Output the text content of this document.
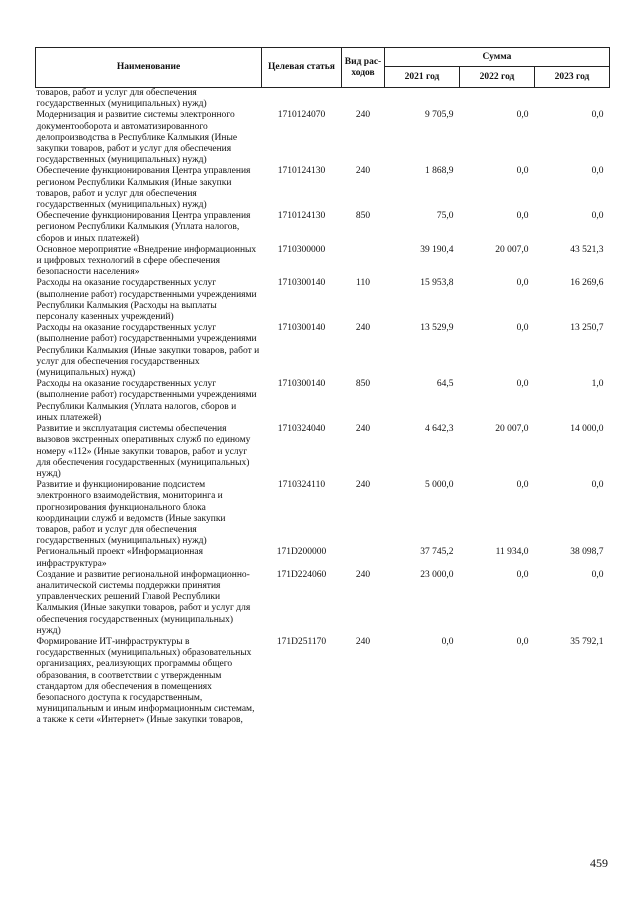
Наименование	Целевая статья	Вид рас-ходов	Сумма		
			2021 год	2022 год	2023 год
товаров, работ и услуг для обеспечения государственных (муниципальных) нужд)					
Модернизация и развитие системы электронного документооборота и автоматизированного делопроизводства в Республике Калмыкия (Иные закупки товаров, работ и услуг для обеспечения государственных (муниципальных) нужд)	1710124070	240	9 705,9	0,0	0,0
Обеспечение функционирования Центра управления регионом Республики Калмыкия (Иные закупки товаров, работ и услуг для обеспечения государственных (муниципальных) нужд)	1710124130	240	1 868,9	0,0	0,0
Обеспечение функционирования Центра управления регионом Республики Калмыкия (Уплата налогов, сборов и иных платежей)	1710124130	850	75,0	0,0	0,0
Основное мероприятие «Внедрение информационных и цифровых технологий в сфере обеспечения безопасности населения»	1710300000		39 190,4	20 007,0	43 521,3
Расходы на оказание государственных услуг (выполнение работ) государственными учреждениями Республики Калмыкия (Расходы на выплаты персоналу казенных учреждений)	1710300140	110	15 953,8	0,0	16 269,6
Расходы на оказание государственных услуг (выполнение работ) государственными учреждениями Республики Калмыкия (Иные закупки товаров, работ и услуг для обеспечения государственных (муниципальных) нужд)	1710300140	240	13 529,9	0,0	13 250,7
Расходы на оказание государственных услуг (выполнение работ) государственными учреждениями Республики Калмыкия (Уплата налогов, сборов и иных платежей)	1710300140	850	64,5	0,0	1,0
Развитие и эксплуатация системы обеспечения вызовов экстренных оперативных служб по единому номеру «112» (Иные закупки товаров, работ и услуг для обеспечения государственных (муниципальных) нужд)	1710324040	240	4 642,3	20 007,0	14 000,0
Развитие и функционирование подсистем электронного взаимодействия, мониторинга и прогнозирования функционального блока координации служб и ведомств (Иные закупки товаров, работ и услуг для обеспечения государственных (муниципальных) нужд)	1710324110	240	5 000,0	0,0	0,0
Региональный проект «Информационная инфраструктура»	171D200000		37 745,2	11 934,0	38 098,7
Создание и развитие региональной информационно-аналитической системы поддержки принятия управленческих решений Главой Республики Калмыкия (Иные закупки товаров, работ и услуг для обеспечения государственных (муниципальных) нужд)	171D224060	240	23 000,0	0,0	0,0
Формирование ИТ-инфраструктуры в государственных (муниципальных) образовательных организациях, реализующих программы общего образования, в соответствии с утвержденным стандартом для обеспечения в помещениях безопасного доступа к государственным, муниципальным и иным информационным системам, а также к сети «Интернет» (Иные закупки товаров,	171D251170	240	0,0	0,0	35 792,1
459
